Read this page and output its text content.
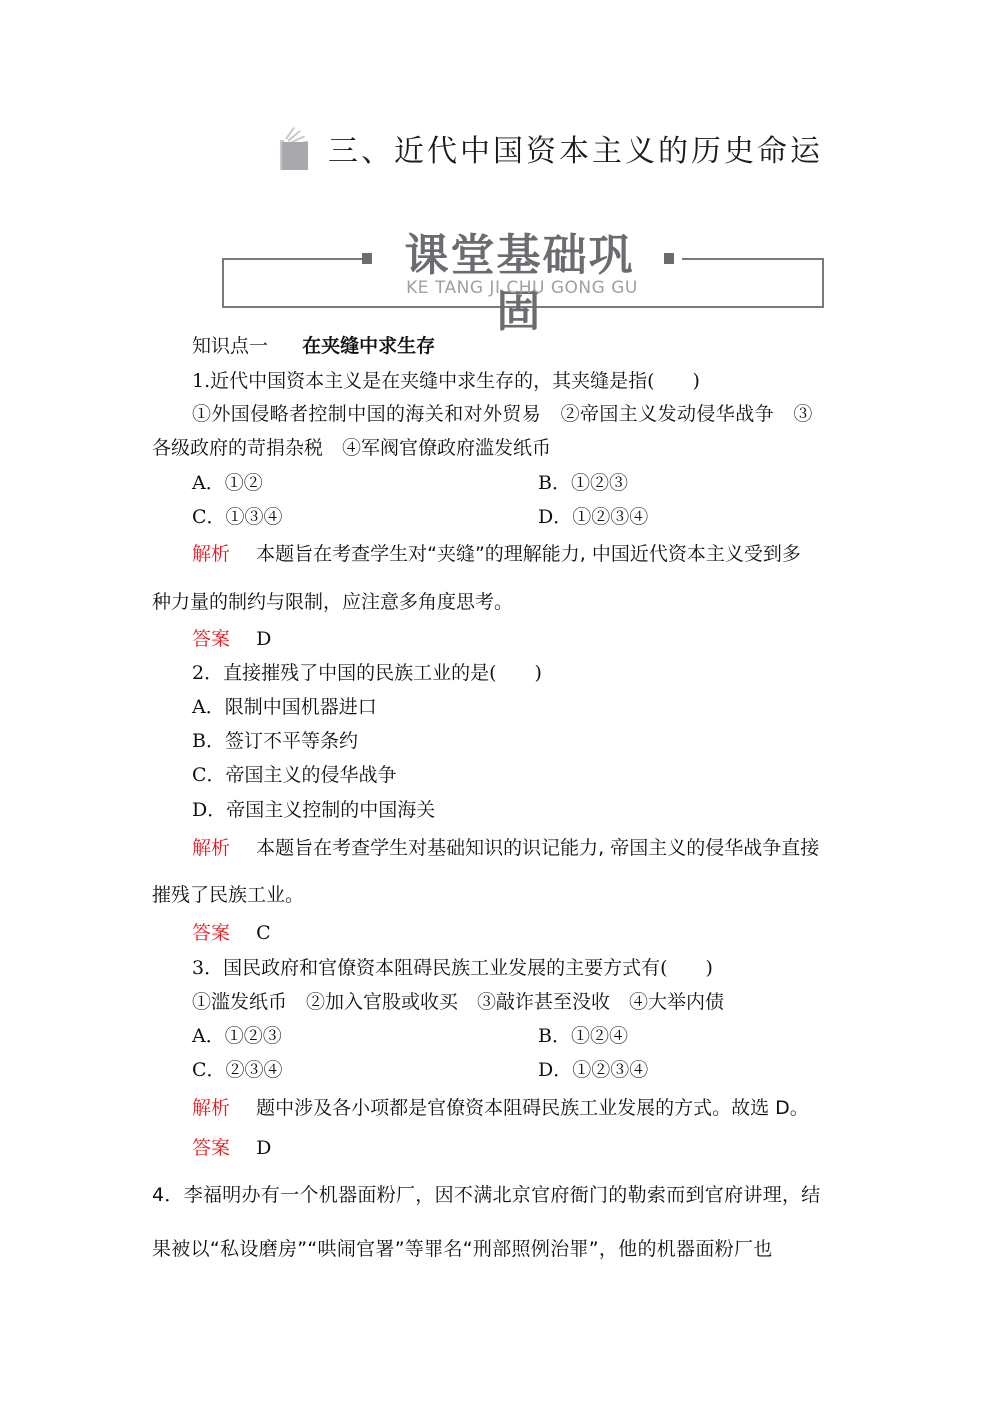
三、近代中国资本主义的历史命运
课堂基础巩固
KE TANG JI CHU GONG GU
知识点一 在夹缝中求生存
1.近代中国资本主义是在夹缝中求生存的，其夹缝是指(　　)
①外国侵略者控制中国的海关和对外贸易　②帝国主义发动侵华战争　③
各级政府的苛捐杂税　④军阀官僚政府滥发纸币
A．①②	B．①②③
C．①③④	D．①②③④
解析 本题旨在考查学生对“夹缝”的理解能力, 中国近代资本主义受到多
种力量的制约与限制，应注意多角度思考。
答案 D
2．直接摧残了中国的民族工业的是(　　)
A．限制中国机器进口
B．签订不平等条约
C．帝国主义的侵华战争
D．帝国主义控制的中国海关
解析 本题旨在考查学生对基础知识的识记能力, 帝国主义的侵华战争直接
摧残了民族工业。
答案 C
3．国民政府和官僚资本阻碍民族工业发展的主要方式有(　　)
①滥发纸币　②加入官股或收买　③敲诈甚至没收　④大举内债
A．①②③	B．①②④
C．②③④	D．①②③④
解析 题中涉及各小项都是官僚资本阻碍民族工业发展的方式。故选 D。
答案 D
4．李福明办有一个机器面粉厂，因不满北京官府衙门的勒索而到官府讲理，结
果被以“私设磨房”“哄闹官署”等罪名“刑部照例治罪”，他的机器面粉厂也
